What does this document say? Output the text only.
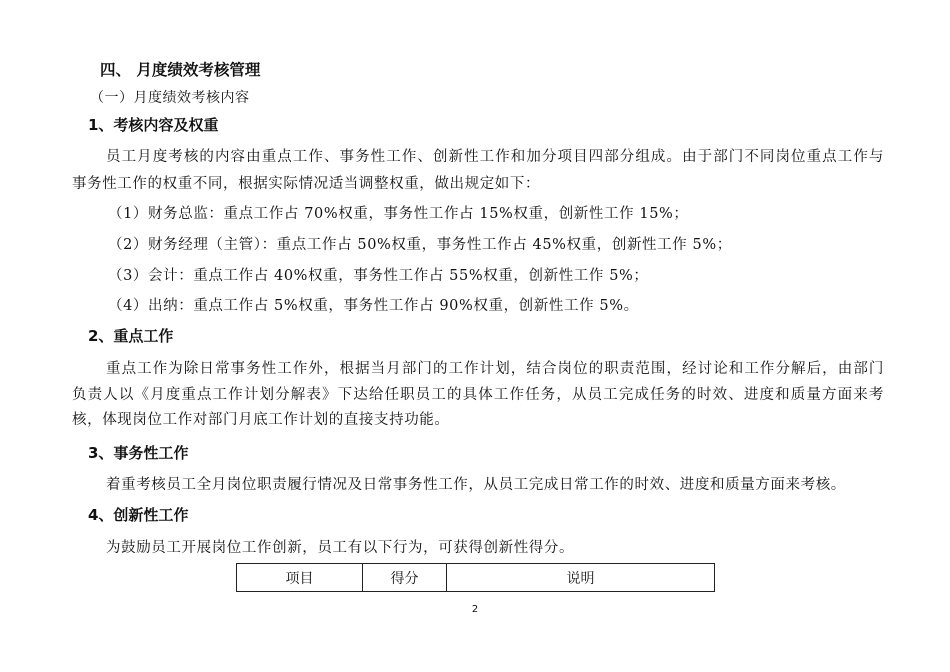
四、 月度绩效考核管理
（一）月度绩效考核内容
1、考核内容及权重
员工月度考核的内容由重点工作、事务性工作、创新性工作和加分项目四部分组成。由于部门不同岗位重点工作与
事务性工作的权重不同，根据实际情况适当调整权重，做出规定如下：
（1）财务总监：重点工作占 70%权重，事务性工作占 15%权重，创新性工作 15%；
（2）财务经理（主管）：重点工作占 50%权重，事务性工作占 45%权重，创新性工作 5%；
（3）会计：重点工作占 40%权重，事务性工作占 55%权重，创新性工作 5%；
（4）出纳：重点工作占 5%权重，事务性工作占 90%权重，创新性工作 5%。
2、重点工作
重点工作为除日常事务性工作外，根据当月部门的工作计划，结合岗位的职责范围，经讨论和工作分解后，由部门
负责人以《月度重点工作计划分解表》下达给任职员工的具体工作任务，从员工完成任务的时效、进度和质量方面来考
核，体现岗位工作对部门月底工作计划的直接支持功能。
3、事务性工作
着重考核员工全月岗位职责履行情况及日常事务性工作，从员工完成日常工作的时效、进度和质量方面来考核。
4、创新性工作
为鼓励员工开展岗位工作创新，员工有以下行为，可获得创新性得分。
项目	得分	说明
2
